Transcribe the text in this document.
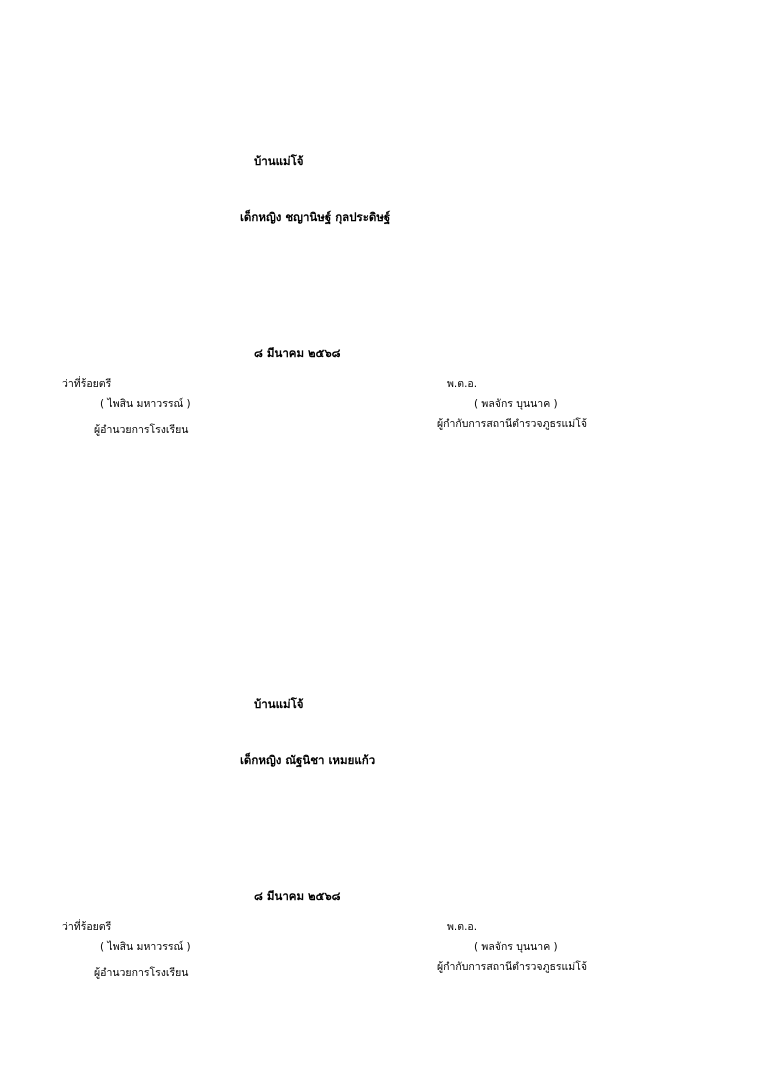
บ้านแม่โจ้
เด็กหญิง ชญานิษฐ์ กุลประดิษฐ์
๘ มีนาคม ๒๕๖๘
ว่าที่ร้อยตรี
( ไพสิน มหาวรรณ์ )
ผู้อำนวยการโรงเรียน
พ.ต.อ.
( พลจักร บุนนาค )
ผู้กำกับการสถานีตำรวจภูธรแม่โจ้
บ้านแม่โจ้
เด็กหญิง ณัฐนิชา เหมยแก้ว
๘ มีนาคม ๒๕๖๘
ว่าที่ร้อยตรี
( ไพสิน มหาวรรณ์ )
ผู้อำนวยการโรงเรียน
พ.ต.อ.
( พลจักร บุนนาค )
ผู้กำกับการสถานีตำรวจภูธรแม่โจ้
